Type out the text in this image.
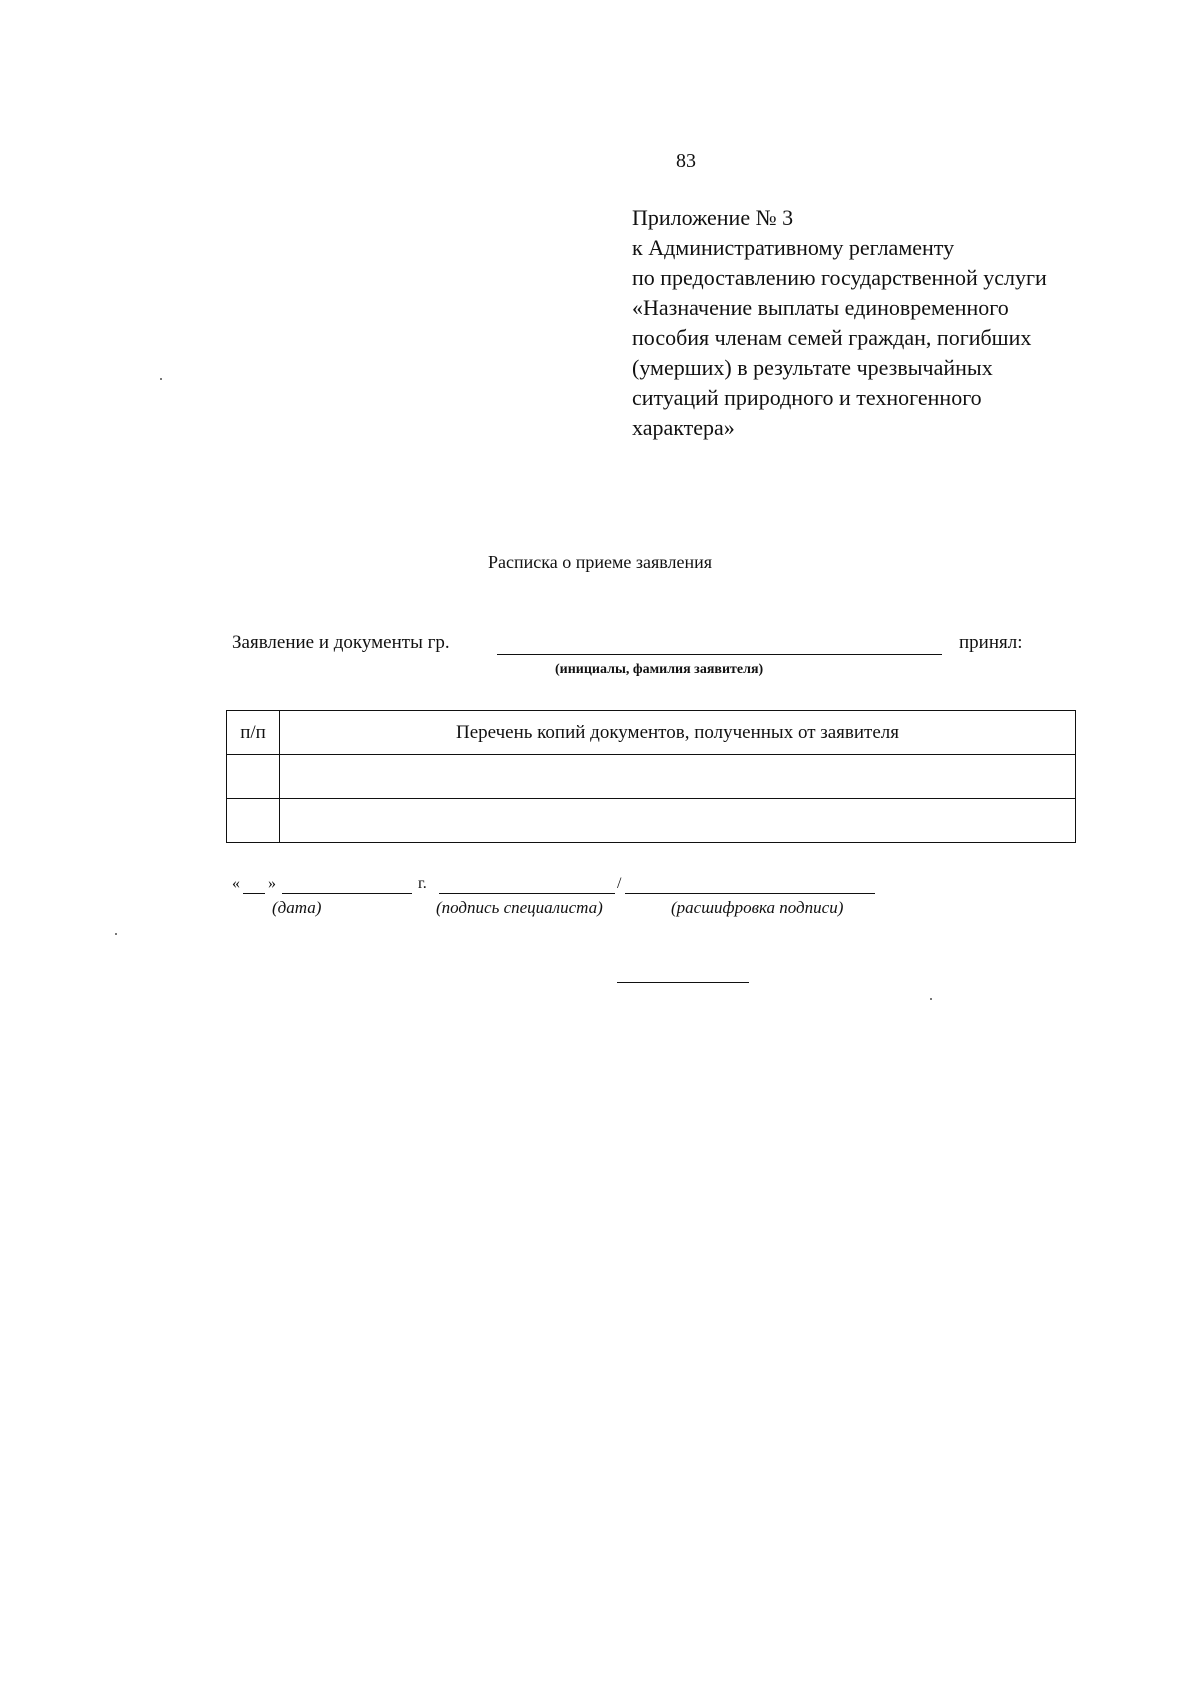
83
Приложение № 3
к Административному регламенту
по предоставлению государственной услуги
«Назначение выплаты единовременного
пособия членам семей граждан, погибших
(умерших) в результате чрезвычайных
ситуаций природного и техногенного
характера»
Расписка о приеме заявления
Заявление и документы гр.	принял:
(инициалы, фамилия заявителя)
п/п	Перечень копий документов, полученных от заявителя

« »	г.	/
(дата)	(подпись специалиста)	(расшифровка подписи)
